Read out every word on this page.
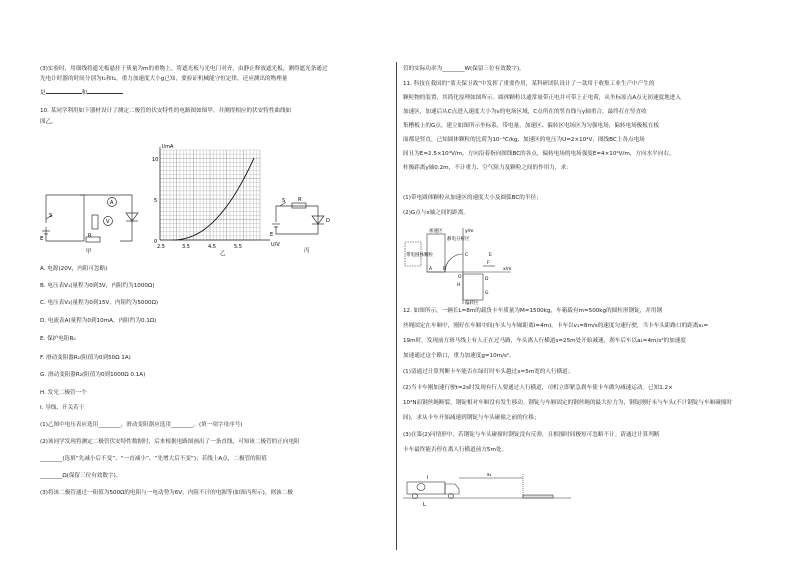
(3)实验时，用细线将遮光板悬挂于质量为m的重物上，将遮光板与光电门对齐，由静止释放遮光板，测得遮光条通过
光电计时器的时间分别为t₁和t₂，重力加速度大小g已知，要验证机械能守恒定律，还应测出的物理量
是	和
10. 某同学利用如下器材设计了测定二极管的伏安特性的电路图如图甲，并测得相应的伏安特性曲线如
图乙。
S
A
V
R
E
甲
I/mA
U/V
10
5
0
2.5	3.5	4.5	5.5
乙
S	R
E
D
丙
A. 电源(20V，内阻可忽略)
B. 电压表V₁(量程为0到3V，内阻约为1000Ω)
C. 电压表V₂(量程为0到15V，内阻约为5000Ω)
D. 电流表A(量程为0到10mA，内阻约为0.1Ω)
E. 保护电阻R₀
F. 滑动变阻器R₁(阻值为0到50Ω 1A)
G. 滑动变阻器R₂(阻值为0到1000Ω 0.1A)
H. 发光二极管一个
I. 导线、开关若干
(1)乙图中电压表应选用________，滑动变阻器应选用________。(填一项字母序号)
(2)该同学发现将测定二极管伏安特性数据时，后来根据电路图画出了一条直线，可知该二极管的正向电阻
________(选填“先减小后不变”、“一直减小”、“先增大后不变”)；若线上A点，二极管的阻值
________Ω(保留三位有效数字)。
(3)将该二极管通过一阻值为500Ω的电阻与一电动势为6V，内阻不计的电源等(如图丙所示)，则该二极
管的实际功率为________W(保留三位有效数字)。
11. 科技在我国的“蓝天保卫战”中发挥了重要作用，某科研团队设计了一款用于收集工业生产中产生的
颗粒物的装置，其简化原理如图所示。圆体颗粒以通常量带正电并可带上正电荷，从坐标原点A点无初速度地进入
加速区，加速后从C点进入速度大小为v的电场区域，C点所在的竖直线与y轴重合，最终打在竖直收
集槽板上的G点。建立如图所示坐标系，带电量，加速区、偏转区电场区为匀强电场，偏转电场极板在板
面都是竖直，已知圆体颗粒的比荷为10⁻⁵C/kg，加速区的电压为U=2×10⁴V，图线BC上各点电场
间且为E=2.5×10⁴V/m，方向沿着指向图线BC的各点，偏转电场的电场强度E=4×10⁴V/m，方向水平向右，
柱极距离y轴0.2m，不计重力、空气阻力及颗粒之间的作用力，求：
(1)带电圆体颗粒从加速区的速度大小及圆弧BC的半径；
(2)G点与x轴之间的距离。
带电圆体颗粒
加速区	y/m
静电分析区
A B
C
F
x/m
O	D
G
H
偏转区
E
12. 如图所示，一辆长L=8m的载货卡车质量为M=1500kg，车箱载有m=500kg的圆柱形钢锭，并用钢
丝绳固定在车厢中，刚好在车厢中间(车头与车厢距离l=4m)。卡车以v₁=8m/s的速度匀速行驶，当卡车头距路口的距离s₁=
19m时，发现前方斑马线上有人正在过马路，车头离人行横道s=25m处开始减速，刹车后车以a₁=4m/s²的加速度
加速通过这个路口，重力加速度g=10m/s²。
(1)请通过计算判断卡车能否在绿灯时车头越过x=5m宽的人行横道；
(2)当卡车刚加速行驶t=2s时发现有行人要通过人行横道，司机立即紧急刹车使卡车做匀减速运动。已知1.2×
10⁴N而钢丝绳断裂，钢锭相对车厢没有发生移动。钢锭与车厢固定的钢丝绳的最大拉力为，钢锭刚好未与车头(不计钢锭与车厢碰撞时
间)，求从卡车开始减速到钢锭与车头碰撞之前的位移；
(3)在第(2)问情形中，若钢锭与车头碰撞时钢锭没有反弹，且相撞时间极短可忽略不计。请通过计算判断
卡车最终能否停在离人行横道前方5m处。
s₁
l
L
